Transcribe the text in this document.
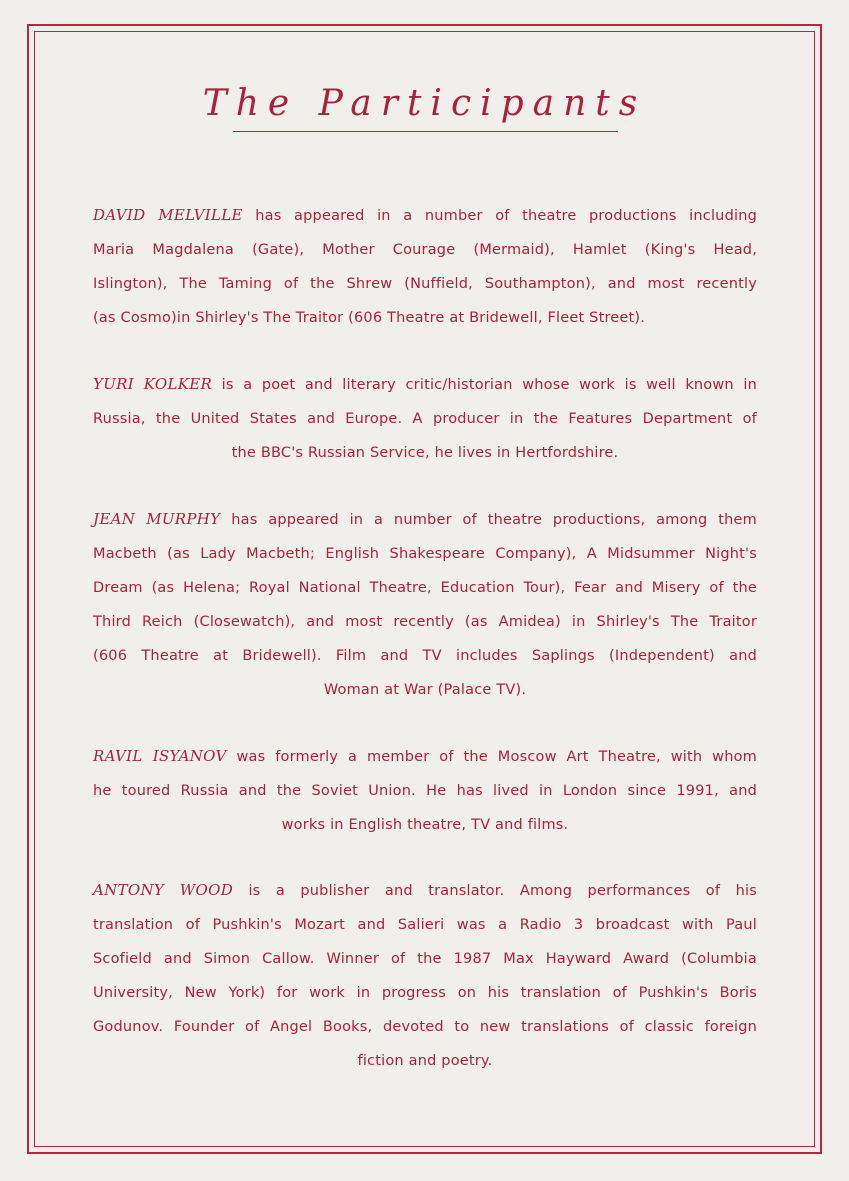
The Participants
DAVID MELVILLE has appeared in a number of theatre productions including
Maria Magdalena (Gate), Mother Courage (Mermaid), Hamlet (King's Head,
Islington), The Taming of the Shrew (Nuffield, Southampton), and most recently
(as Cosmo)in Shirley's The Traitor (606 Theatre at Bridewell, Fleet Street).
YURI KOLKER is a poet and literary critic/historian whose work is well known in
Russia, the United States and Europe. A producer in the Features Department of
the BBC's Russian Service, he lives in Hertfordshire.
JEAN MURPHY has appeared in a number of theatre productions, among them
Macbeth (as Lady Macbeth; English Shakespeare Company), A Midsummer Night's
Dream (as Helena; Royal National Theatre, Education Tour), Fear and Misery of the
Third Reich (Closewatch), and most recently (as Amidea) in Shirley's The Traitor
(606 Theatre at Bridewell). Film and TV includes Saplings (Independent) and
Woman at War (Palace TV).
RAVIL ISYANOV was formerly a member of the Moscow Art Theatre, with whom
he toured Russia and the Soviet Union. He has lived in London since 1991, and
works in English theatre, TV and films.
ANTONY WOOD is a publisher and translator. Among performances of his
translation of Pushkin's Mozart and Salieri was a Radio 3 broadcast with Paul
Scofield and Simon Callow. Winner of the 1987 Max Hayward Award (Columbia
University, New York) for work in progress on his translation of Pushkin's Boris
Godunov. Founder of Angel Books, devoted to new translations of classic foreign
fiction and poetry.
